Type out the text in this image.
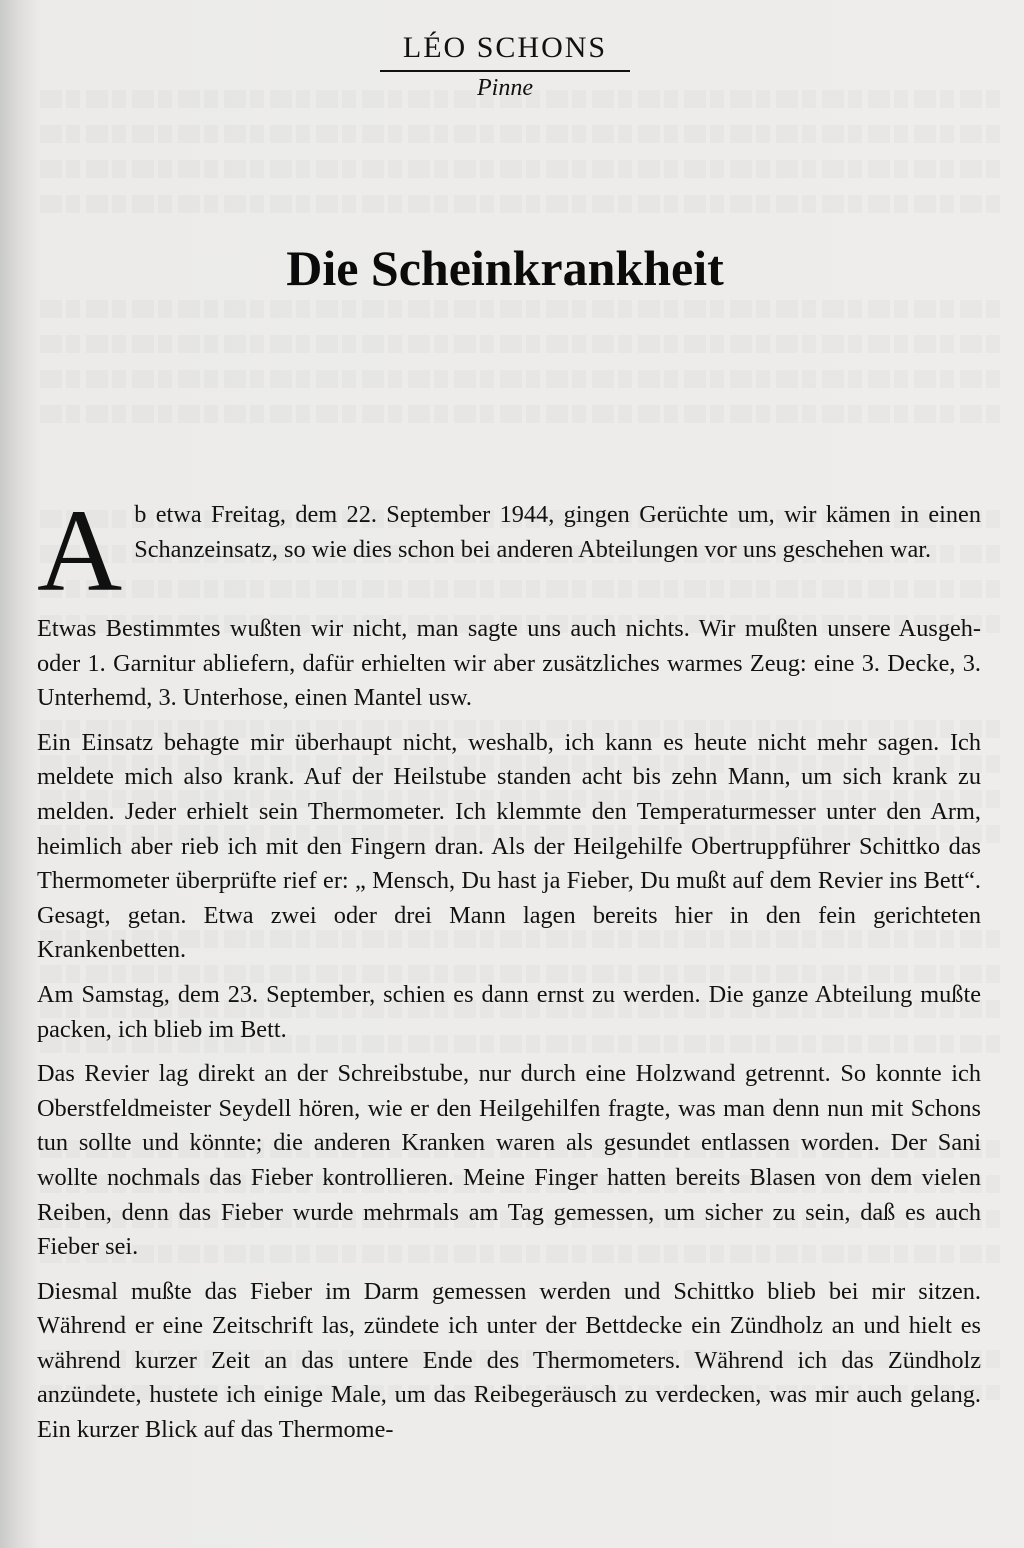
LÉO SCHONS
Pinne
Die Scheinkrankheit

Ab etwa Freitag, dem 22. September 1944, gingen Gerüchte um, wir kämen in einen Schanzeinsatz, so wie dies schon bei anderen Abteilungen vor uns geschehen war.

Etwas Bestimmtes wußten wir nicht, man sagte uns auch nichts. Wir mußten unsere Ausgeh- oder 1. Garnitur abliefern, dafür erhielten wir aber zusätzliches warmes Zeug: eine 3. Decke, 3. Unterhemd, 3. Unterhose, einen Mantel usw.

Ein Einsatz behagte mir überhaupt nicht, weshalb, ich kann es heute nicht mehr sagen. Ich meldete mich also krank. Auf der Heilstube standen acht bis zehn Mann, um sich krank zu melden. Jeder erhielt sein Thermometer. Ich klemmte den Temperaturmesser unter den Arm, heimlich aber rieb ich mit den Fingern dran. Als der Heilgehilfe Obertruppführer Schittko das Thermometer überprüfte rief er: „ Mensch, Du hast ja Fieber, Du mußt auf dem Revier ins Bett“. Gesagt, getan. Etwa zwei oder drei Mann lagen bereits hier in den fein gerichteten Krankenbetten.

Am Samstag, dem 23. September, schien es dann ernst zu werden. Die ganze Abteilung mußte packen, ich blieb im Bett.

Das Revier lag direkt an der Schreibstube, nur durch eine Holzwand getrennt. So konnte ich Oberstfeldmeister Seydell hören, wie er den Heilgehilfen fragte, was man denn nun mit Schons tun sollte und könnte; die anderen Kranken waren als gesundet entlassen worden. Der Sani wollte nochmals das Fieber kontrollieren. Meine Finger hatten bereits Blasen von dem vielen Reiben, denn das Fieber wurde mehrmals am Tag gemessen, um sicher zu sein, daß es auch Fieber sei.

Diesmal mußte das Fieber im Darm gemessen werden und Schittko blieb bei mir sitzen. Während er eine Zeitschrift las, zündete ich unter der Bettdecke ein Zündholz an und hielt es während kurzer Zeit an das untere Ende des Thermometers. Während ich das Zündholz anzündete, hustete ich einige Male, um das Reibegeräusch zu verdecken, was mir auch gelang. Ein kurzer Blick auf das Thermome-
